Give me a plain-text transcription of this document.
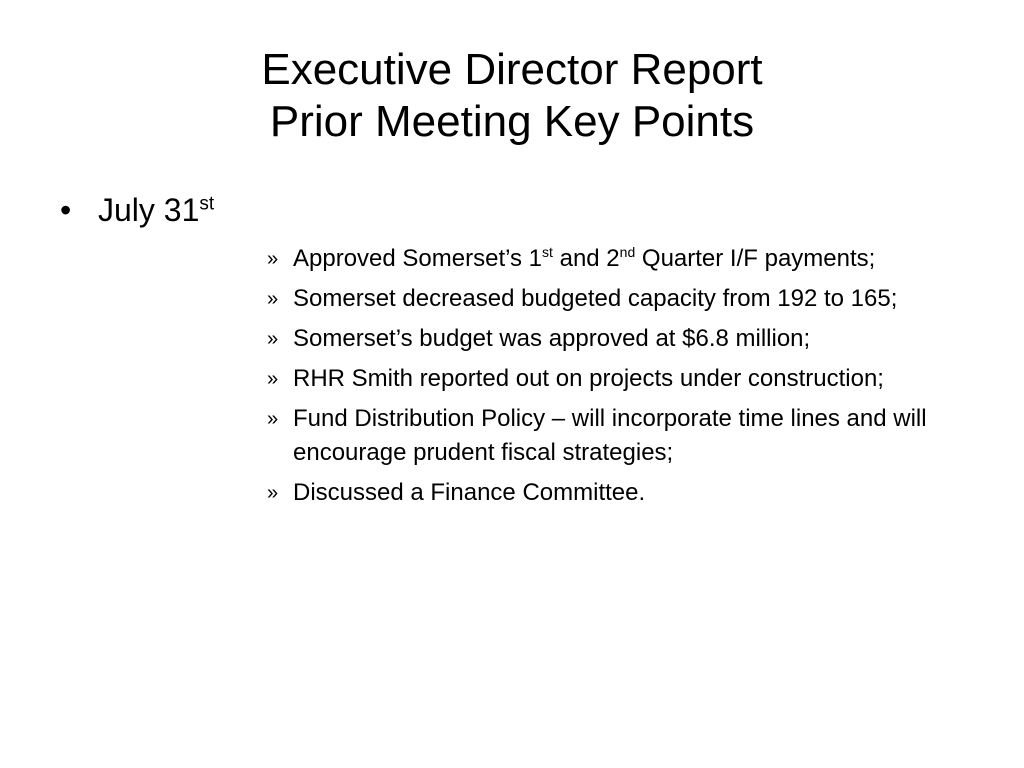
Executive Director Report
Prior Meeting Key Points
• July 31st
» Approved Somerset’s 1st and 2nd Quarter I/F payments;
» Somerset decreased budgeted capacity from 192 to 165;
» Somerset’s budget was approved at $6.8 million;
» RHR Smith reported out on projects under construction;
» Fund Distribution Policy – will incorporate time lines and will encourage prudent fiscal strategies;
» Discussed a Finance Committee.
